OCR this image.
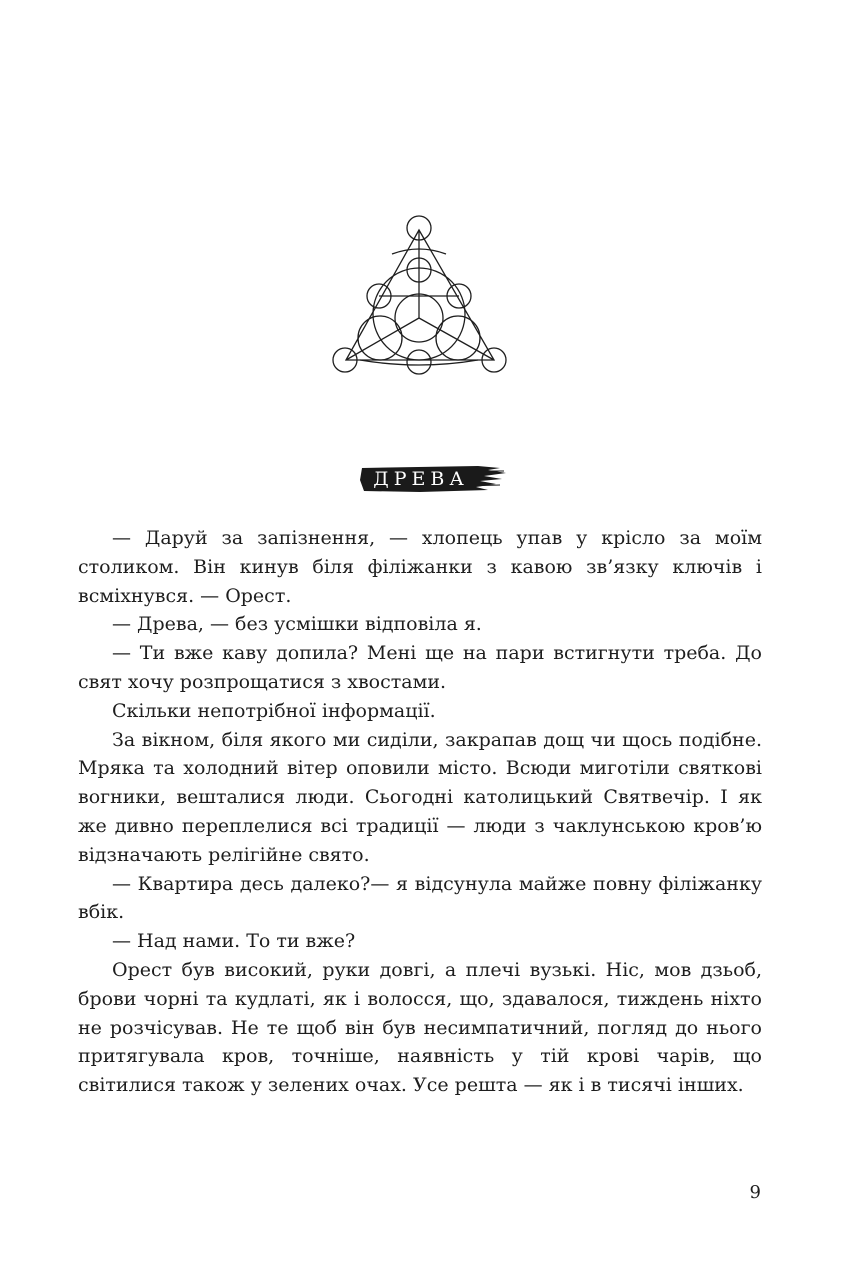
ДРЕВА

— Даруй за запізнення, — хлопець упав у крісло за моїм столиком. Він кинув біля філіжанки з кавою зв’язку ключів і всміхнувся. — Орест.

— Древа, — без усмішки відповіла я.

— Ти вже каву допила? Мені ще на пари встигнути треба. До свят хочу розпрощатися з хвостами.

Скільки непотрібної інформації.

За вікном, біля якого ми сиділи, закрапав дощ чи щось подібне. Мряка та холодний вітер оповили місто. Всюди миготіли святкові вогники, вешталися люди. Сьогодні католицький Святвечір. І як же дивно переплелися всі традиції — люди з чаклунською кров’ю відзначають релігійне свято.

— Квартира десь далеко?— я відсунула майже повну філіжанку вбік.

— Над нами. То ти вже?

Орест був високий, руки довгі, а плечі вузькі. Ніс, мов дзьоб, брови чорні та кудлаті, як і волосся, що, здавалося, тиждень ніхто не розчісував. Не те щоб він був несимпатичний, погляд до нього притягувала кров, точніше, наявність у тій крові чарів, що світилися також у зелених очах. Усе решта — як і в тисячі інших.

9
